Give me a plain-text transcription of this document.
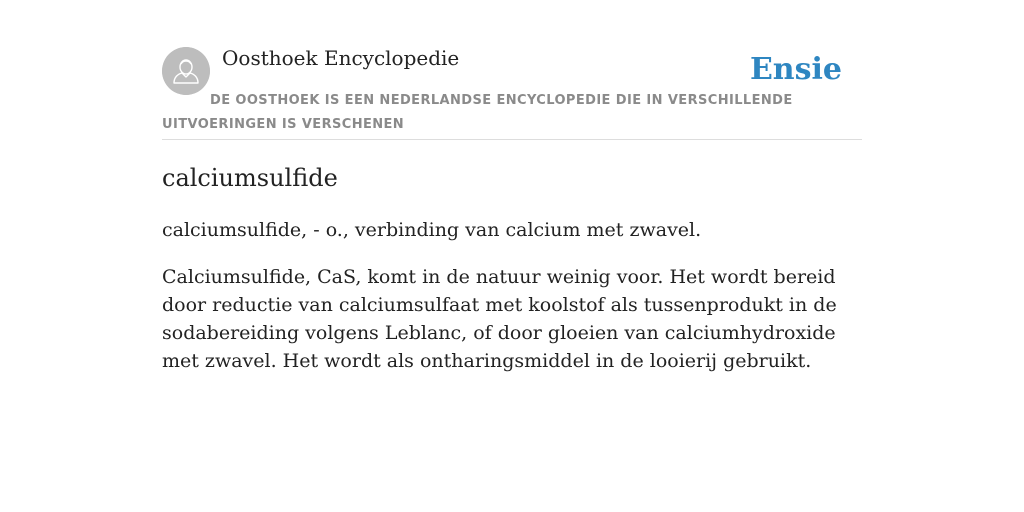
Oosthoek Encyclopedie	Ensie
DE OOSTHOEK IS EEN NEDERLANDSE ENCYCLOPEDIE DIE IN VERSCHILLENDE UITVOERINGEN IS VERSCHENEN
calciumsulfide

calciumsulfide, - o., verbinding van calcium met zwavel.

Calciumsulfide, CaS, komt in de natuur weinig voor. Het wordt bereid door reductie van calciumsulfaat met koolstof als tussenprodukt in de sodabereiding volgens Leblanc, of door gloeien van calciumhydroxide met zwavel. Het wordt als ontharingsmiddel in de looierij gebruikt.
